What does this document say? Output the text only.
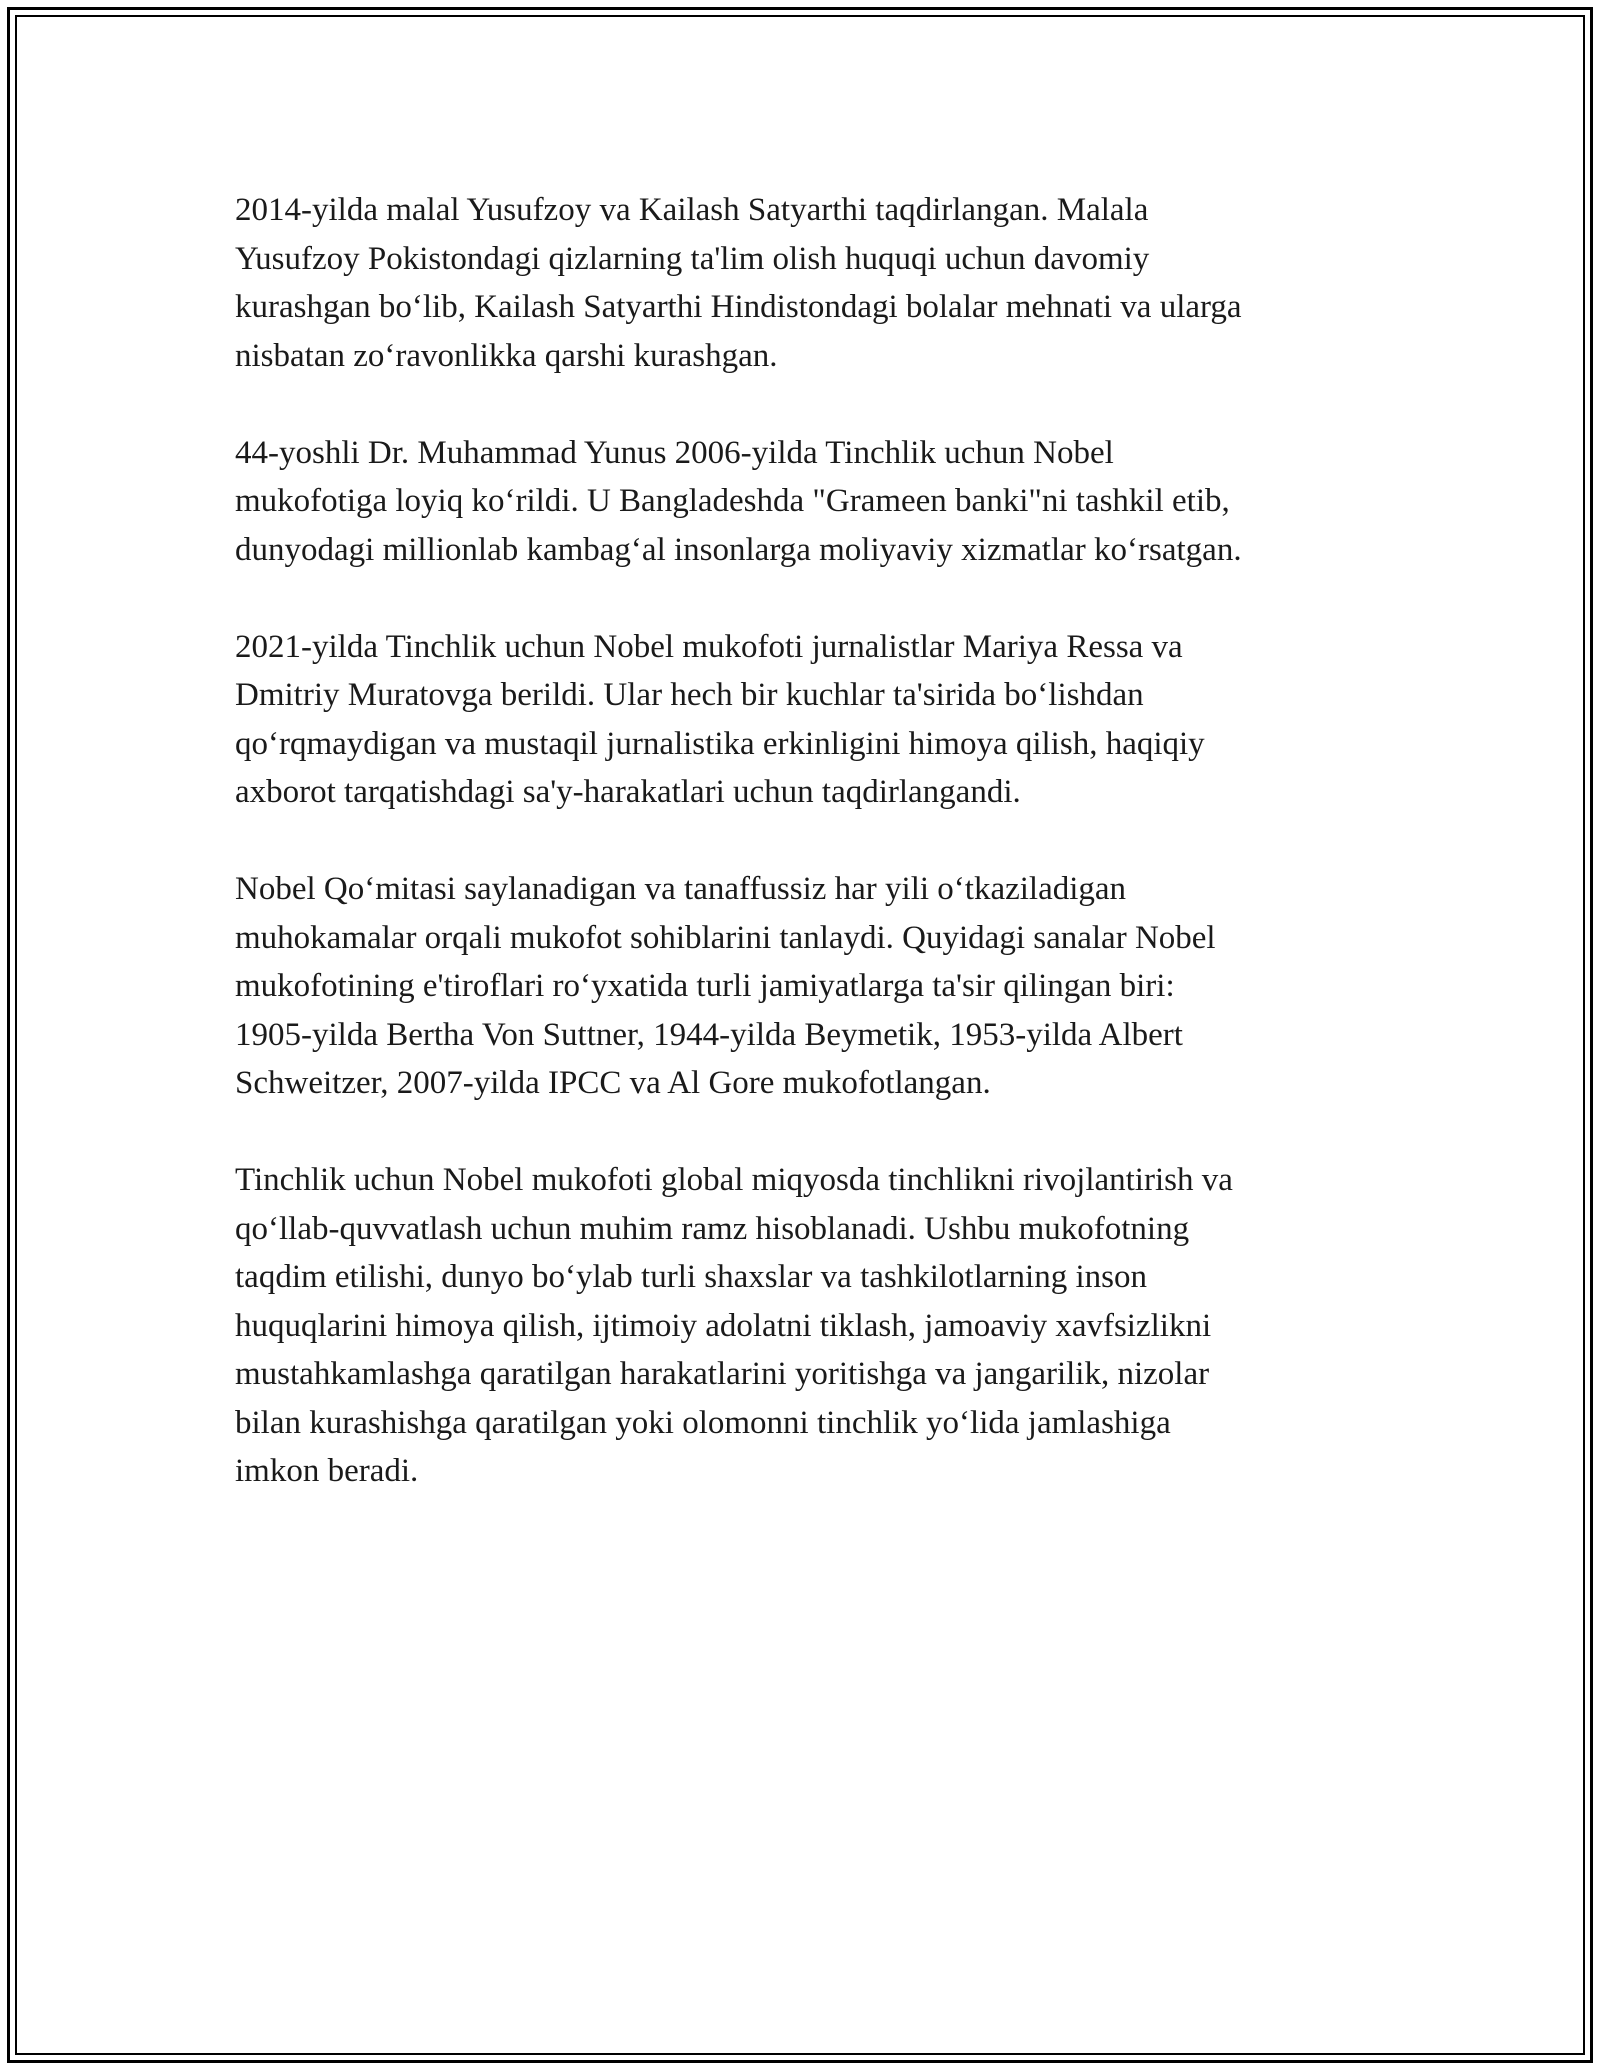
2014-yilda malal Yusufzoy va Kailash Satyarthi taqdirlangan. Malala
Yusufzoy Pokistondagi qizlarning ta'lim olish huquqi uchun davomiy
kurashgan bo‘lib, Kailash Satyarthi Hindistondagi bolalar mehnati va ularga
nisbatan zo‘ravonlikka qarshi kurashgan.

44-yoshli Dr. Muhammad Yunus 2006-yilda Tinchlik uchun Nobel
mukofotiga loyiq ko‘rildi. U Bangladeshda "Grameen banki"ni tashkil etib,
dunyodagi millionlab kambag‘al insonlarga moliyaviy xizmatlar ko‘rsatgan.

2021-yilda Tinchlik uchun Nobel mukofoti jurnalistlar Mariya Ressa va
Dmitriy Muratovga berildi. Ular hech bir kuchlar ta'sirida bo‘lishdan
qo‘rqmaydigan va mustaqil jurnalistika erkinligini himoya qilish, haqiqiy
axborot tarqatishdagi sa'y-harakatlari uchun taqdirlangandi.

Nobel Qo‘mitasi saylanadigan va tanaffussiz har yili o‘tkaziladigan
muhokamalar orqali mukofot sohiblarini tanlaydi. Quyidagi sanalar Nobel
mukofotining e'tiroflari ro‘yxatida turli jamiyatlarga ta'sir qilingan biri:
1905-yilda Bertha Von Suttner, 1944-yilda Beymetik, 1953-yilda Albert
Schweitzer, 2007-yilda IPCC va Al Gore mukofotlangan.

Tinchlik uchun Nobel mukofoti global miqyosda tinchlikni rivojlantirish va
qo‘llab-quvvatlash uchun muhim ramz hisoblanadi. Ushbu mukofotning
taqdim etilishi, dunyo bo‘ylab turli shaxslar va tashkilotlarning inson
huquqlarini himoya qilish, ijtimoiy adolatni tiklash, jamoaviy xavfsizlikni
mustahkamlashga qaratilgan harakatlarini yoritishga va jangarilik, nizolar
bilan kurashishga qaratilgan yoki olomonni tinchlik yo‘lida jamlashiga
imkon beradi.
